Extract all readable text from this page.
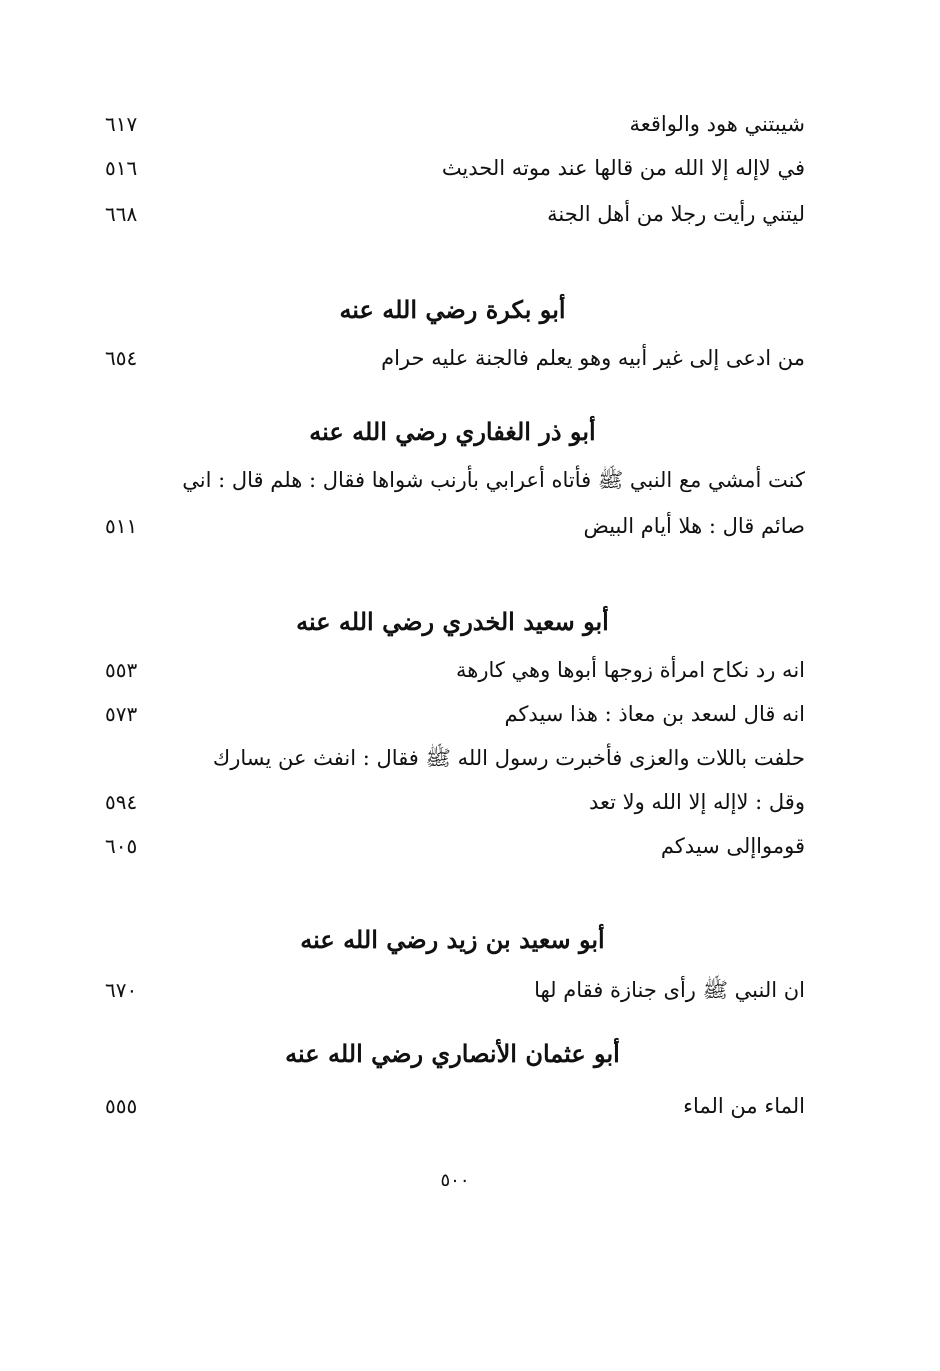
شيبتني هود والواقعة
٦١٧
في لاإله إلا الله من قالها عند موته الحديث
٥١٦
ليتني رأيت رجلا من أهل الجنة
٦٦٨
أبو بكرة رضي الله عنه
من ادعى إلى غير أبيه وهو يعلم فالجنة عليه حرام
٦٥٤
أبو ذر الغفاري رضي الله عنه
كنت أمشي مع النبي ﷺ فأتاه أعرابي بأرنب شواها فقال : هلم قال : اني
صائم قال : هلا أيام البيض
٥١١
أبو سعيد الخدري رضي الله عنه
انه رد نكاح امرأة زوجها أبوها وهي كارهة
٥٥٣
انه قال لسعد بن معاذ : هذا سيدكم
٥٧٣
حلفت باللات والعزى فأخبرت رسول الله ﷺ فقال : انفث عن يسارك
وقل : لاإله إلا الله ولا تعد
٥٩٤
قومواإلى سيدكم
٦٠٥
أبو سعيد بن زيد رضي الله عنه
ان النبي ﷺ رأى جنازة فقام لها
٦٧٠
أبو عثمان الأنصاري رضي الله عنه
الماء من الماء
٥٥٥
٥٠٠
